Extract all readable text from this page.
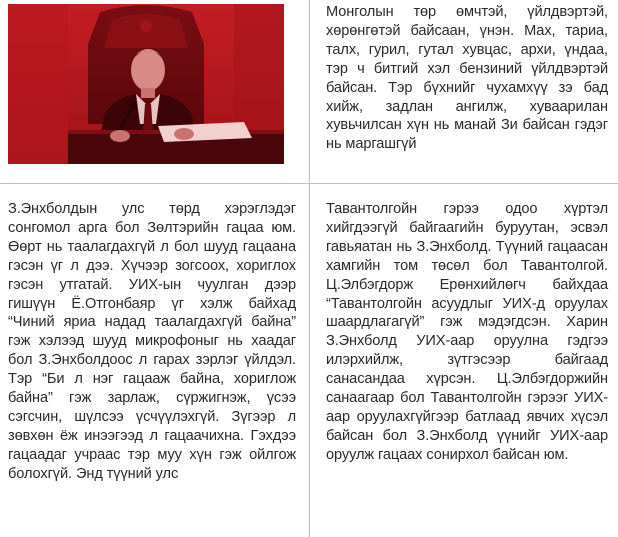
Монголын төр өмчтэй, үйлдвэртэй, хөрөнгөтэй байсаан, үнэн. Мах, тариа, талх, гурил, гутал хувцас, архи, үндаа, тэр ч битгий хэл бензиний үйлдвэртэй байсан. Тэр бүхнийг чухамхүү зэ бад хийж, задлан ангилж, хуваарилан хувьчилсан хүн нь манай Зи байсан гэдэг нь маргашгүй

З.Энхболдын улс төрд хэрэглэдэг сонгомол арга бол Зөлтэрийн гацаа юм. Өөрт нь таалагдахгүй л бол шууд гацаана гэсэн үг л дээ. Хүчээр зогсоох, хориглох гэсэн утгатай. УИХ-ын чуулган дээр гишүүн Ё.Отгонбаяр үг хэлж байхад “Чиний яриа надад таалагдахгүй байна” гэж хэлээд шууд микрофоныг нь хаадаг бол З.Энхболдоос л гарах зэрлэг үйлдэл. Тэр “Би л нэг гацааж байна, хориглож байна” гэж зарлаж, сүржигнэж, үсээ сэгсчин, шүлсээ үсчүүлэхгүй. Зүгээр л зөвхөн ёж инээгээд л гацаачихна. Гэхдээ гацаадаг учраас тэр муу хүн гэж ойлгож болохгүй. Энд түүний улс

Тавантолгойн гэрээ одоо хүртэл хийгдээгүй байгаагийн буруутан, эсвэл гавьяатан нь З.Энхболд. Түүний гацаасан хамгийн том төсөл бол Тавантолгой. Ц.Элбэгдорж Ерөнхийлөгч байхдаа “Тавантолгойн асуудлыг УИХ-д оруулах шаардлагагүй” гэж мэдэгдсэн. Харин З.Энхболд УИХ-аар оруулна гэдгээ илэрхийлж, зүтгэсээр байгаад санасандаа хүрсэн. Ц.Элбэгдоржийн санаагаар бол Тавантолгойн гэрээг УИХ-аар оруулахгүйгээр батлаад явчих хүсэл байсан бол З.Энхболд үүнийг УИХ-аар оруулж гацаах сонирхол байсан юм.
